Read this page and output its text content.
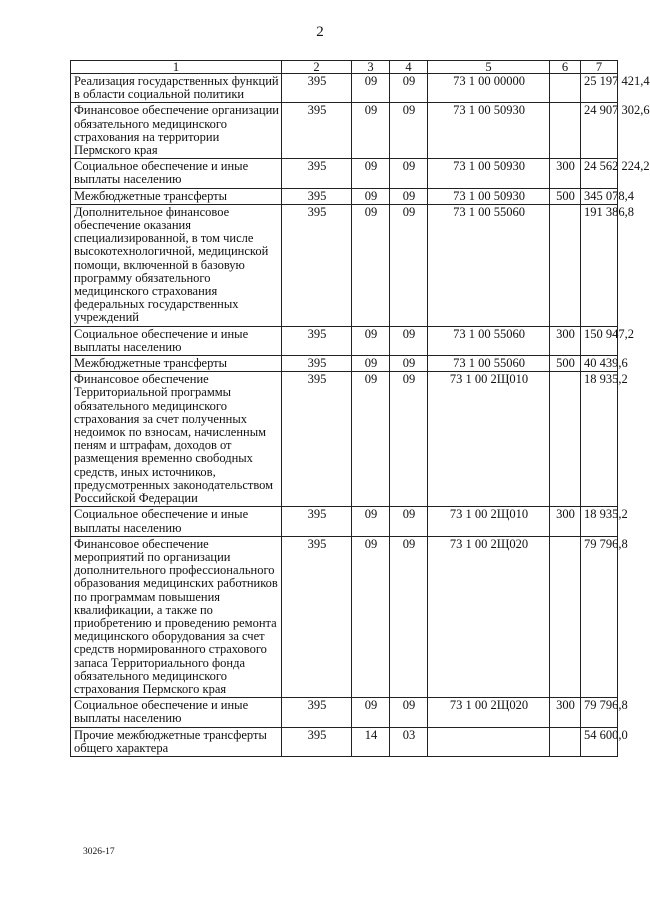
2
1	2	3	4	5	6	7
Реализация государственных функций в области социальной политики	395	09	09	73 1 00 00000		25 197 421,4
Финансовое обеспечение организации обязательного медицинского страхования на территории Пермского края	395	09	09	73 1 00 50930		24 907 302,6
Социальное обеспечение и иные выплаты населению	395	09	09	73 1 00 50930	300	24 562 224,2
Межбюджетные трансферты	395	09	09	73 1 00 50930	500	345 078,4
Дополнительное финансовое обеспечение оказания специализированной, в том числе высокотехнологичной, медицинской помощи, включенной в базовую программу обязательного медицинского страхования федеральных государственных учреждений	395	09	09	73 1 00 55060		191 386,8
Социальное обеспечение и иные выплаты населению	395	09	09	73 1 00 55060	300	150 947,2
Межбюджетные трансферты	395	09	09	73 1 00 55060	500	40 439,6
Финансовое обеспечение Территориальной программы обязательного медицинского страхования за счет полученных недоимок по взносам, начисленным пеням и штрафам, доходов от размещения временно свободных средств, иных источников, предусмотренных законодательством Российской Федерации	395	09	09	73 1 00 2Щ010		18 935,2
Социальное обеспечение и иные выплаты населению	395	09	09	73 1 00 2Щ010	300	18 935,2
Финансовое обеспечение мероприятий по организации дополнительного профессионального образования медицинских работников по программам повышения квалификации, а также по приобретению и проведению ремонта медицинского оборудования за счет средств нормированного страхового запаса Территориального фонда обязательного медицинского страхования Пермского края	395	09	09	73 1 00 2Щ020		79 796,8
Социальное обеспечение и иные выплаты населению	395	09	09	73 1 00 2Щ020	300	79 796,8
Прочие межбюджетные трансферты общего характера	395	14	03			54 600,0
3026-17
